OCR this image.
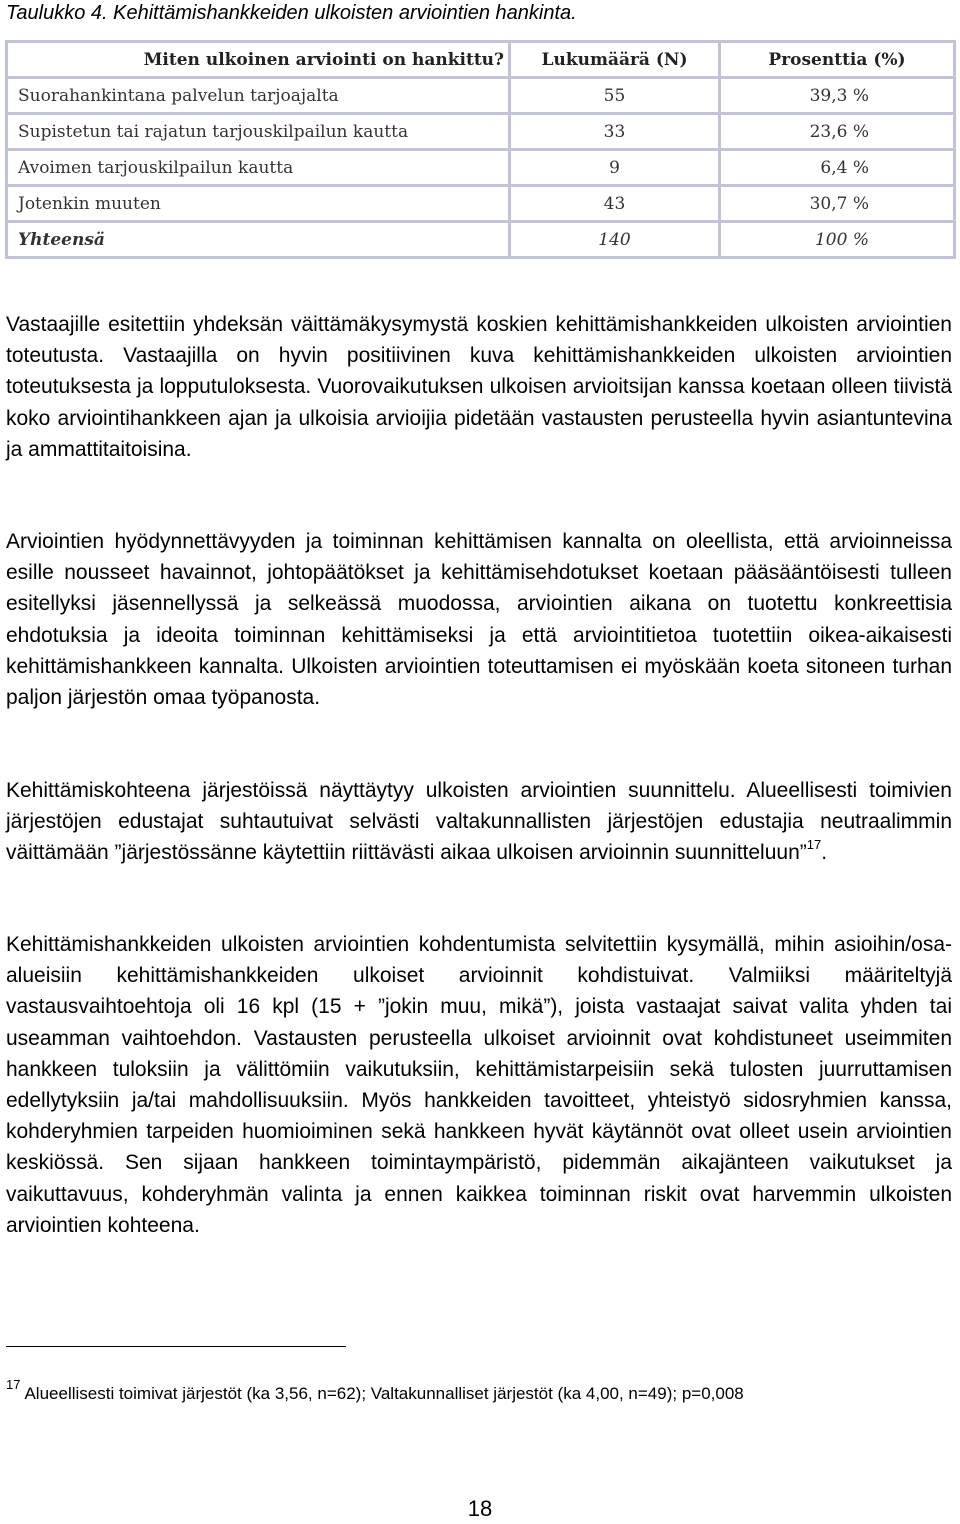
Taulukko 4. Kehittämishankkeiden ulkoisten arviointien hankinta.
Miten ulkoinen arviointi on hankittu?	Lukumäärä (N)	Prosenttia (%)
Suorahankintana palvelun tarjoajalta	55	39,3 %
Supistetun tai rajatun tarjouskilpailun kautta	33	23,6 %
Avoimen tarjouskilpailun kautta	9	6,4 %
Jotenkin muuten	43	30,7 %
Yhteensä	140	100 %

Vastaajille esitettiin yhdeksän väittämäkysymystä koskien kehittämishankkeiden ulkoisten arviointien toteutusta. Vastaajilla on hyvin positiivinen kuva kehittämishankkeiden ulkoisten arviointien toteutuksesta ja lopputuloksesta. Vuorovaikutuksen ulkoisen arvioitsijan kanssa koetaan olleen tiivistä koko arviointihankkeen ajan ja ulkoisia arvioijia pidetään vastausten perusteella hyvin asiantuntevina ja ammattitaitoisina.

Arviointien hyödynnettävyyden ja toiminnan kehittämisen kannalta on oleellista, että arvioinneissa esille nousseet havainnot, johtopäätökset ja kehittämisehdotukset koetaan pääsääntöisesti tulleen esitellyksi jäsennellyssä ja selkeässä muodossa, arviointien aikana on tuotettu konkreettisia ehdotuksia ja ideoita toiminnan kehittämiseksi ja että arviointitietoa tuotettiin oikea-aikaisesti kehittämishankkeen kannalta. Ulkoisten arviointien toteuttamisen ei myöskään koeta sitoneen turhan paljon järjestön omaa työpanosta.

Kehittämiskohteena järjestöissä näyttäytyy ulkoisten arviointien suunnittelu. Alueellisesti toimivien järjestöjen edustajat suhtautuivat selvästi valtakunnallisten järjestöjen edustajia neutraalimmin väittämään ”järjestössänne käytettiin riittävästi aikaa ulkoisen arvioinnin suunnitteluun”$^{17}$.

Kehittämishankkeiden ulkoisten arviointien kohdentumista selvitettiin kysymällä, mihin asioihin/osa-alueisiin kehittämishankkeiden ulkoiset arvioinnit kohdistuivat. Valmiiksi määriteltyjä vastausvaihtoehtoja oli 16 kpl (15 + ”jokin muu, mikä”), joista vastaajat saivat valita yhden tai useamman vaihtoehdon. Vastausten perusteella ulkoiset arvioinnit ovat kohdistuneet useimmiten hankkeen tuloksiin ja välittömiin vaikutuksiin, kehittämistarpeisiin sekä tulosten juurruttamisen edellytyksiin ja/tai mahdollisuuksiin. Myös hankkeiden tavoitteet, yhteistyö sidosryhmien kanssa, kohderyhmien tarpeiden huomioiminen sekä hankkeen hyvät käytännöt ovat olleet usein arviointien keskiössä. Sen sijaan hankkeen toimintaympäristö, pidemmän aikajänteen vaikutukset ja vaikuttavuus, kohderyhmän valinta ja ennen kaikkea toiminnan riskit ovat harvemmin ulkoisten arviointien kohteena.

$^{17}$ Alueellisesti toimivat järjestöt (ka 3,56, n=62); Valtakunnalliset järjestöt (ka 4,00, n=49); p=0,008
18
